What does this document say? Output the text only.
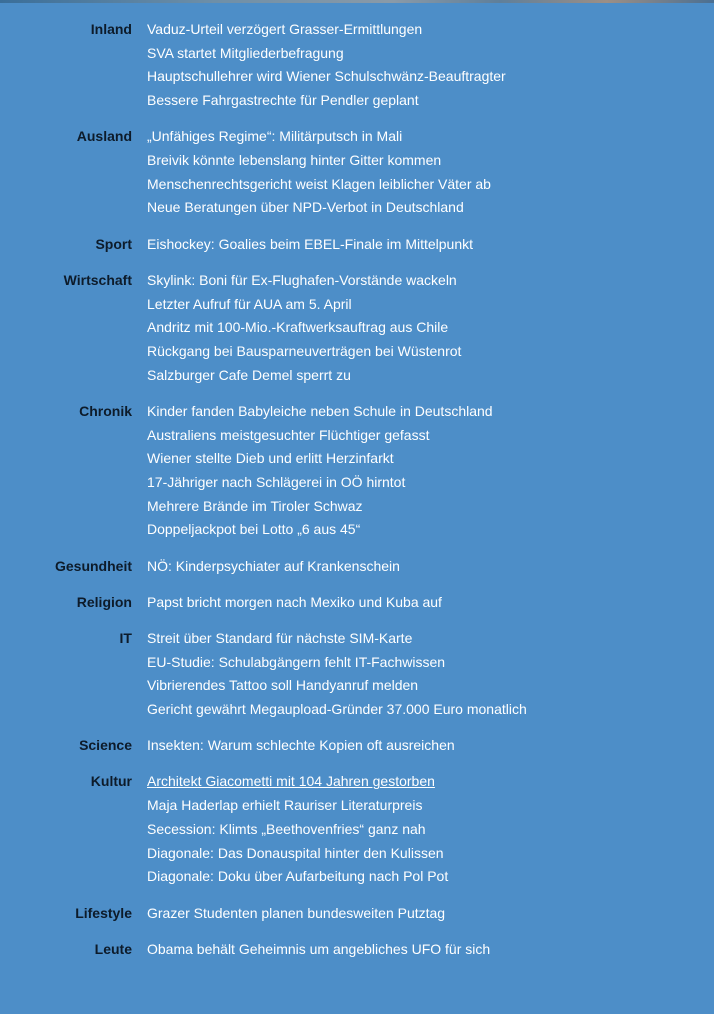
Inland Vaduz-Urteil verzögert Grasser-Ermittlungen
SVA startet Mitgliederbefragung
Hauptschullehrer wird Wiener Schulschwänz-Beauftragter
Bessere Fahrgastrechte für Pendler geplant
Ausland „Unfähiges Regime“: Militärputsch in Mali
Breivik könnte lebenslang hinter Gitter kommen
Menschenrechtsgericht weist Klagen leiblicher Väter ab
Neue Beratungen über NPD-Verbot in Deutschland
Sport Eishockey: Goalies beim EBEL-Finale im Mittelpunkt
Wirtschaft Skylink: Boni für Ex-Flughafen-Vorstände wackeln
Letzter Aufruf für AUA am 5. April
Andritz mit 100-Mio.-Kraftwerksauftrag aus Chile
Rückgang bei Bausparneuverträgen bei Wüstenrot
Salzburger Cafe Demel sperrt zu
Chronik Kinder fanden Babyleiche neben Schule in Deutschland
Australiens meistgesuchter Flüchtiger gefasst
Wiener stellte Dieb und erlitt Herzinfarkt
17-Jähriger nach Schlägerei in OÖ hirntot
Mehrere Brände im Tiroler Schwaz
Doppeljackpot bei Lotto „6 aus 45“
Gesundheit NÖ: Kinderpsychiater auf Krankenschein
Religion Papst bricht morgen nach Mexiko und Kuba auf
IT Streit über Standard für nächste SIM-Karte
EU-Studie: Schulabgängern fehlt IT-Fachwissen
Vibrierendes Tattoo soll Handyanruf melden
Gericht gewährt Megaupload-Gründer 37.000 Euro monatlich
Science Insekten: Warum schlechte Kopien oft ausreichen
Kultur Architekt Giacometti mit 104 Jahren gestorben
Maja Haderlap erhielt Rauriser Literaturpreis
Secession: Klimts „Beethovenfries“ ganz nah
Diagonale: Das Donauspital hinter den Kulissen
Diagonale: Doku über Aufarbeitung nach Pol Pot
Lifestyle Grazer Studenten planen bundesweiten Putztag
Leute Obama behält Geheimnis um angebliches UFO für sich
